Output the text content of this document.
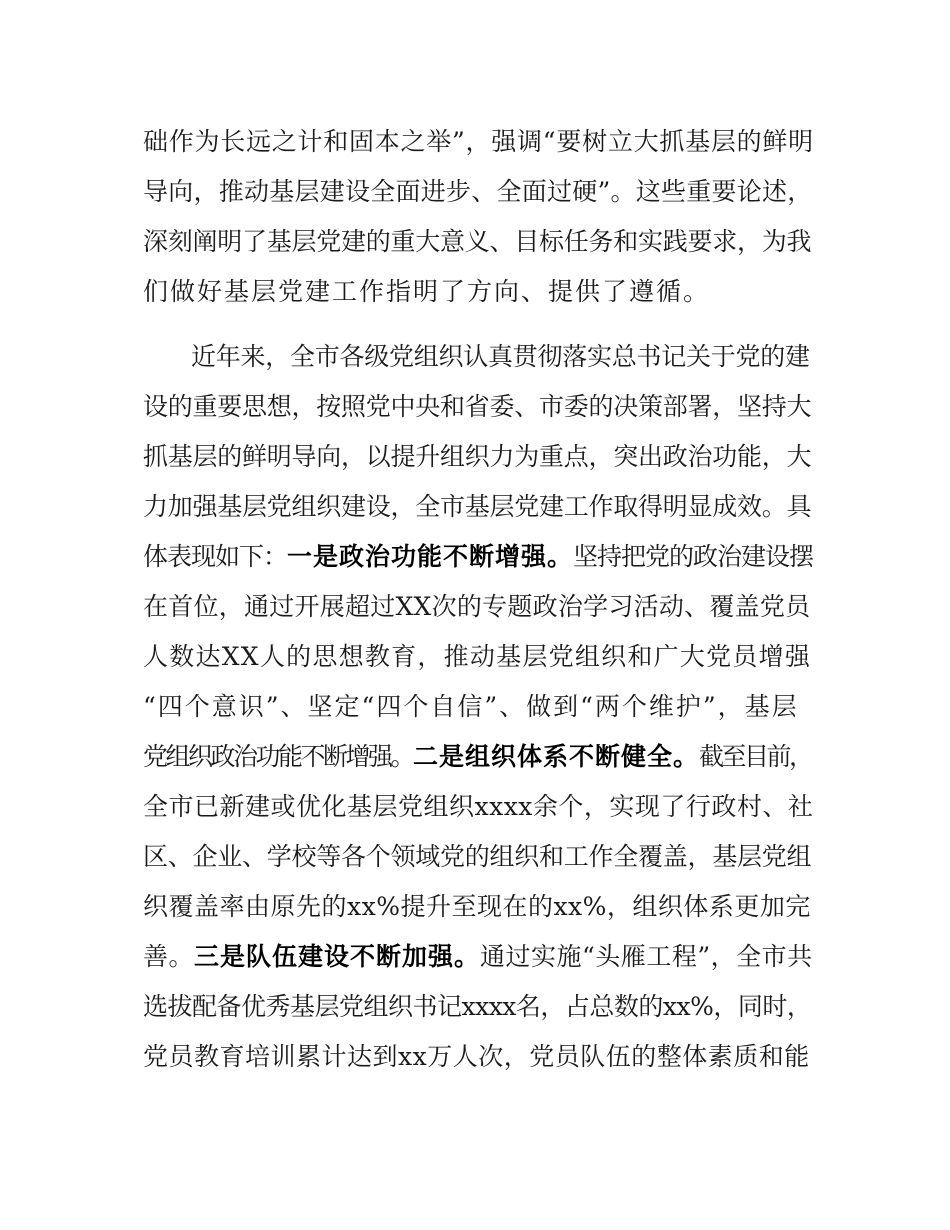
础作为长远之计和固本之举”，强调“要树立大抓基层的鲜明
导向，推动基层建设全面进步、全面过硬”。这些重要论述，
深刻阐明了基层党建的重大意义、目标任务和实践要求，为我
们做好基层党建工作指明了方向、提供了遵循。
近年来，全市各级党组织认真贯彻落实总书记关于党的建
设的重要思想，按照党中央和省委、市委的决策部署，坚持大
抓基层的鲜明导向，以提升组织力为重点，突出政治功能，大
力加强基层党组织建设，全市基层党建工作取得明显成效。具
体表现如下：一是政治功能不断增强。坚持把党的政治建设摆
在首位，通过开展超过XX次的专题政治学习活动、覆盖党员
人数达XX人的思想教育，推动基层党组织和广大党员增强
“四个意识”、坚定“四个自信”、做到“两个维护”，基层
党组织政治功能不断增强。二是组织体系不断健全。截至目前，
全市已新建或优化基层党组织xxxx余个，实现了行政村、社
区、企业、学校等各个领域党的组织和工作全覆盖，基层党组
织覆盖率由原先的xx%提升至现在的xx%，组织体系更加完
善。三是队伍建设不断加强。通过实施“头雁工程”，全市共
选拔配备优秀基层党组织书记xxxx名，占总数的xx%，同时，
党员教育培训累计达到xx万人次，党员队伍的整体素质和能
